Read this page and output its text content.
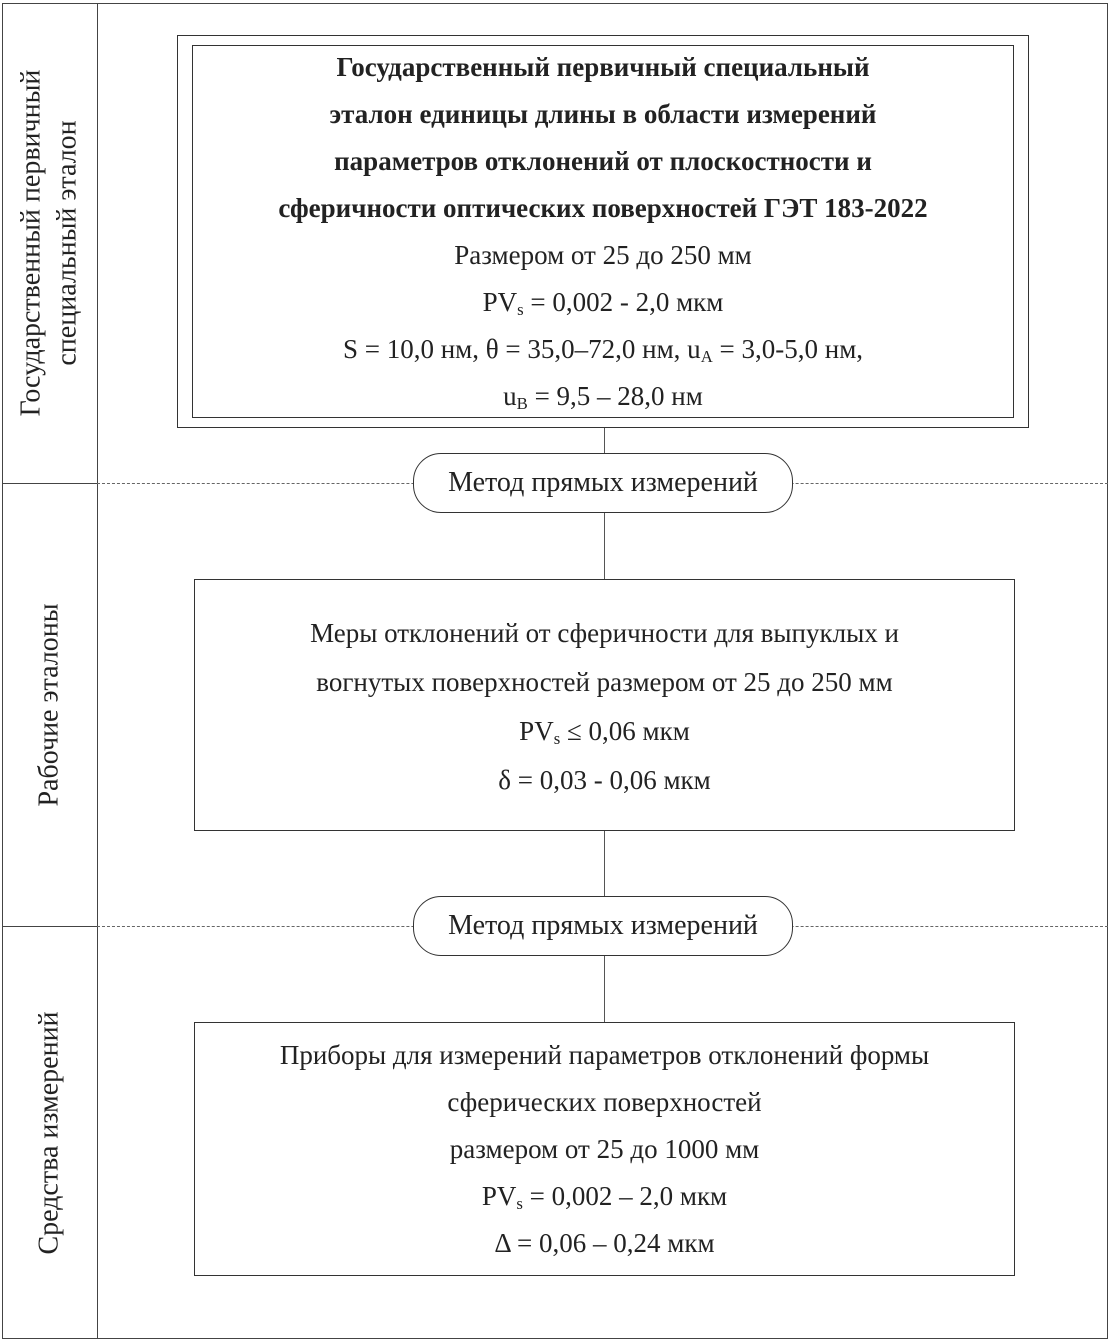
Государственный первичный специальный эталон
Рабочие эталоны
Средства измерений
Государственный первичный специальный
эталон единицы длины в области измерений
параметров отклонений от плоскостности и
сферичности оптических поверхностей ГЭТ 183-2022
Размером от 25 до 250 мм
$PV_s = 0,002 - 2,0$ мкм
S = 10,0 нм, θ = 35,0–72,0 нм, $u_A = 3,0-5,0$ нм,
$u_B = 9,5 - 28,0$ нм
Метод прямых измерений
Меры отклонений от сферичности для выпуклых и
вогнутых поверхностей размером от 25 до 250 мм
$PV_s \le 0,06$ мкм
δ = 0,03 - 0,06 мкм
Метод прямых измерений
Приборы для измерений параметров отклонений формы
сферических поверхностей
размером от 25 до 1000 мм
$PV_s = 0,002 - 2,0$ мкм
Δ = 0,06 – 0,24 мкм
